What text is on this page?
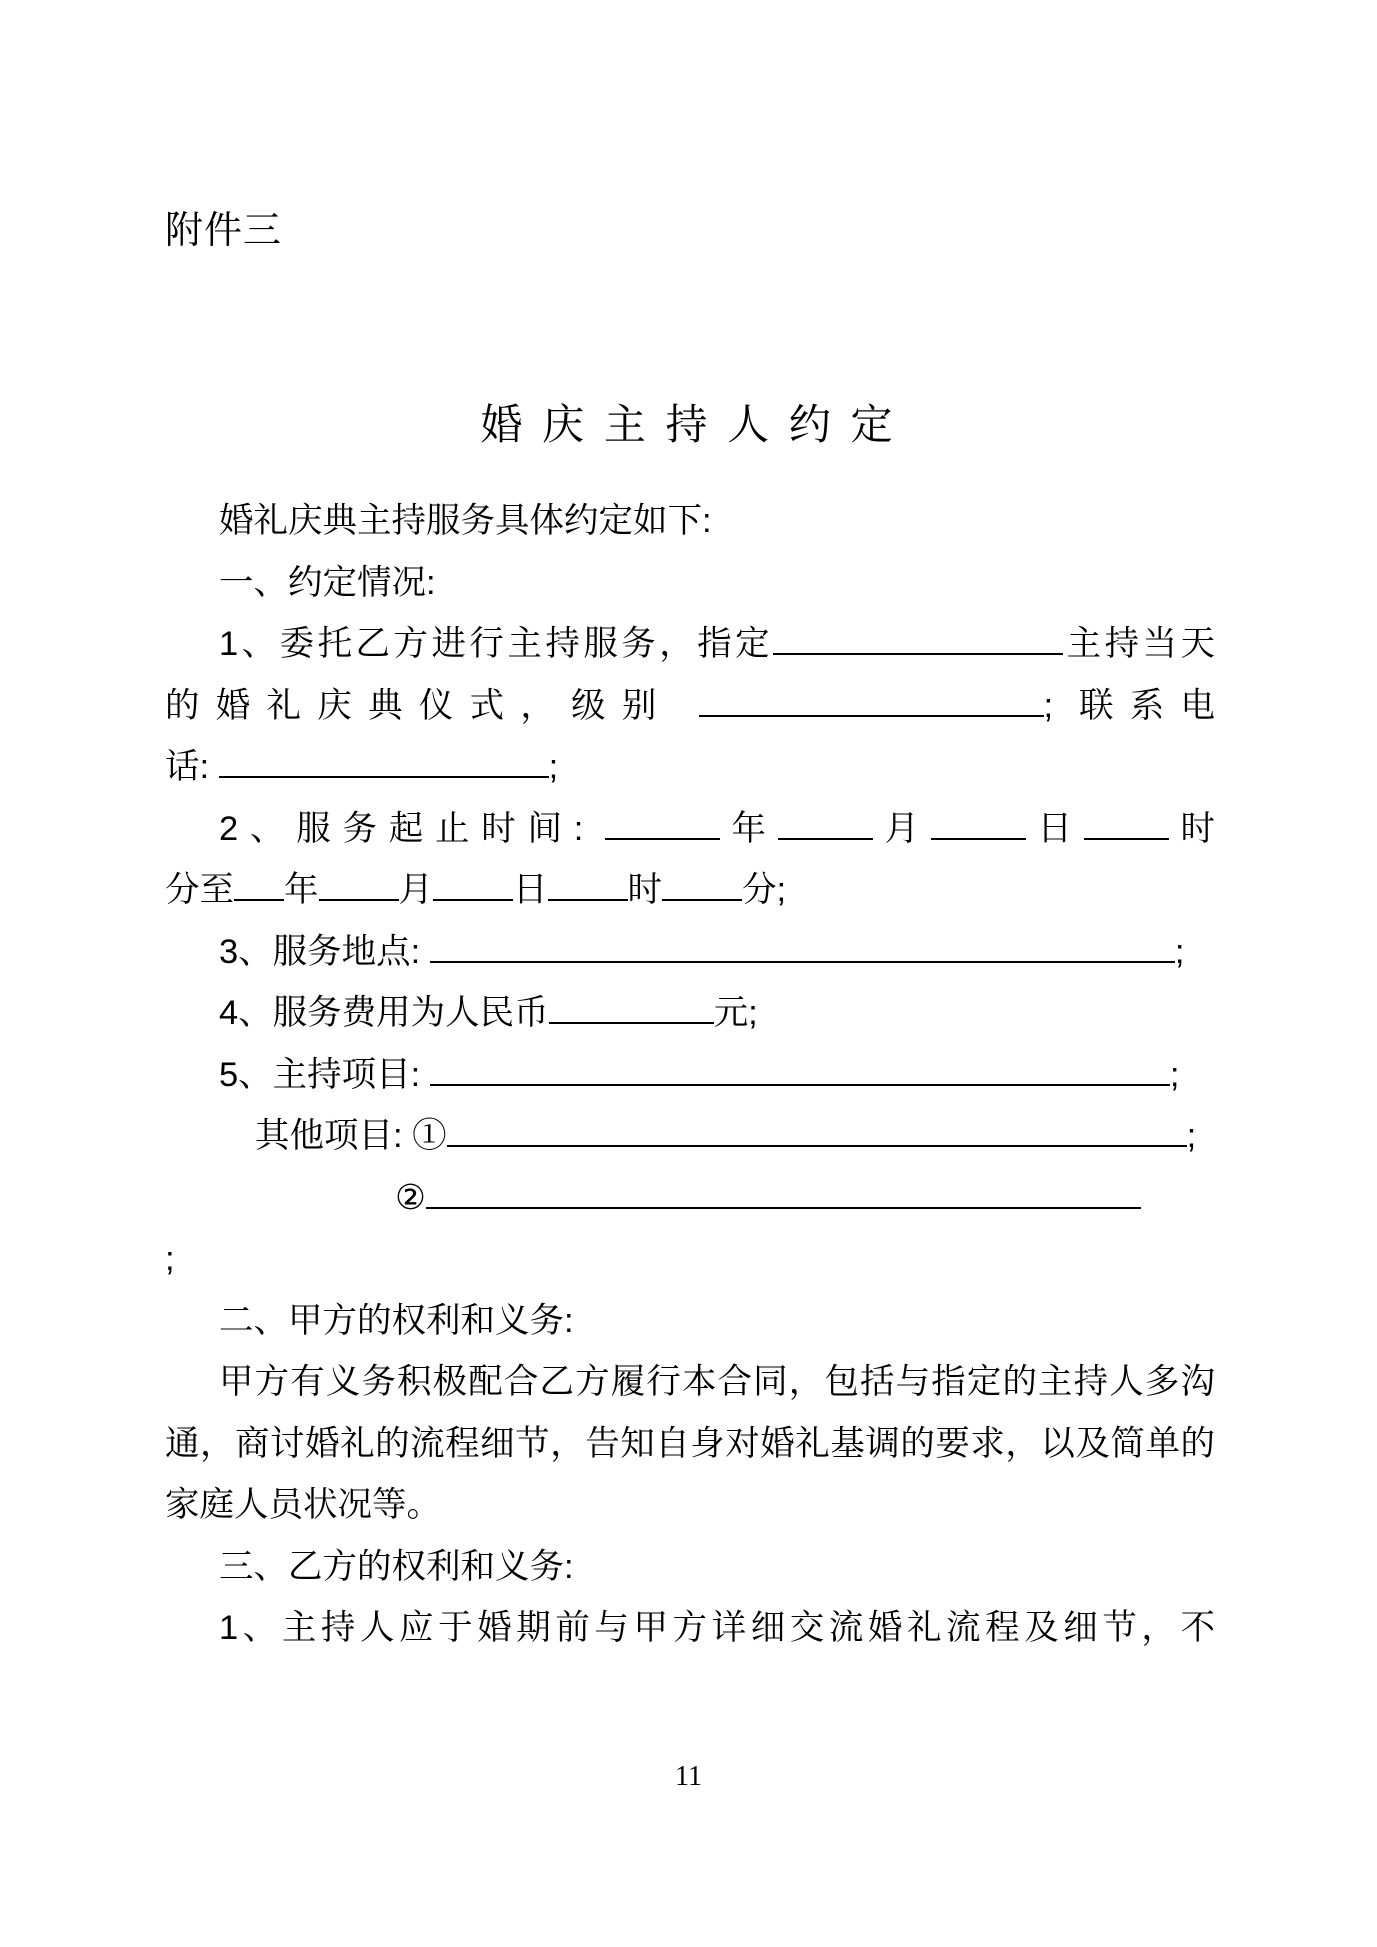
附件三
婚 庆 主 持 人 约 定
婚礼庆典主持服务具体约定如下:
一、约定情况:
1、委托乙方进行主持服务，指定	主持当天
的婚礼庆典仪式，级别	; 联系电
话:	;
2、服务起止时间:	年	月	日 时
分至 年 月 日 时 分;
3、服务地点:	;
4、服务费用为人民币	元;
5、主持项目:	;
其他项目: ①	;
②
;
二、甲方的权利和义务:
甲方有义务积极配合乙方履行本合同，包括与指定的主持人多沟
通，商讨婚礼的流程细节，告知自身对婚礼基调的要求，以及简单的
家庭人员状况等。
三、乙方的权利和义务:
1、主持人应于婚期前与甲方详细交流婚礼流程及细节，不
11
